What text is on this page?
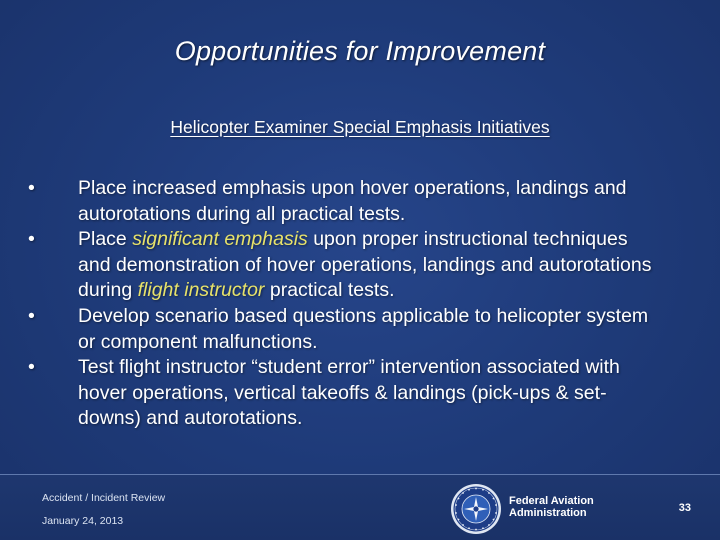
Opportunities for Improvement
Helicopter Examiner Special Emphasis Initiatives
•	Place increased emphasis upon hover operations, landings and autorotations during all practical tests.
•	Place significant emphasis upon proper instructional techniques and demonstration of hover operations, landings and autorotations during flight instructor practical tests.
•	Develop scenario based questions applicable to helicopter system or component malfunctions.
•	Test flight instructor “student error” intervention associated with hover operations, vertical takeoffs & landings (pick-ups & set-downs) and autorotations.
Accident / Incident Review
January 24, 2013
Federal Aviation
Administration	33
